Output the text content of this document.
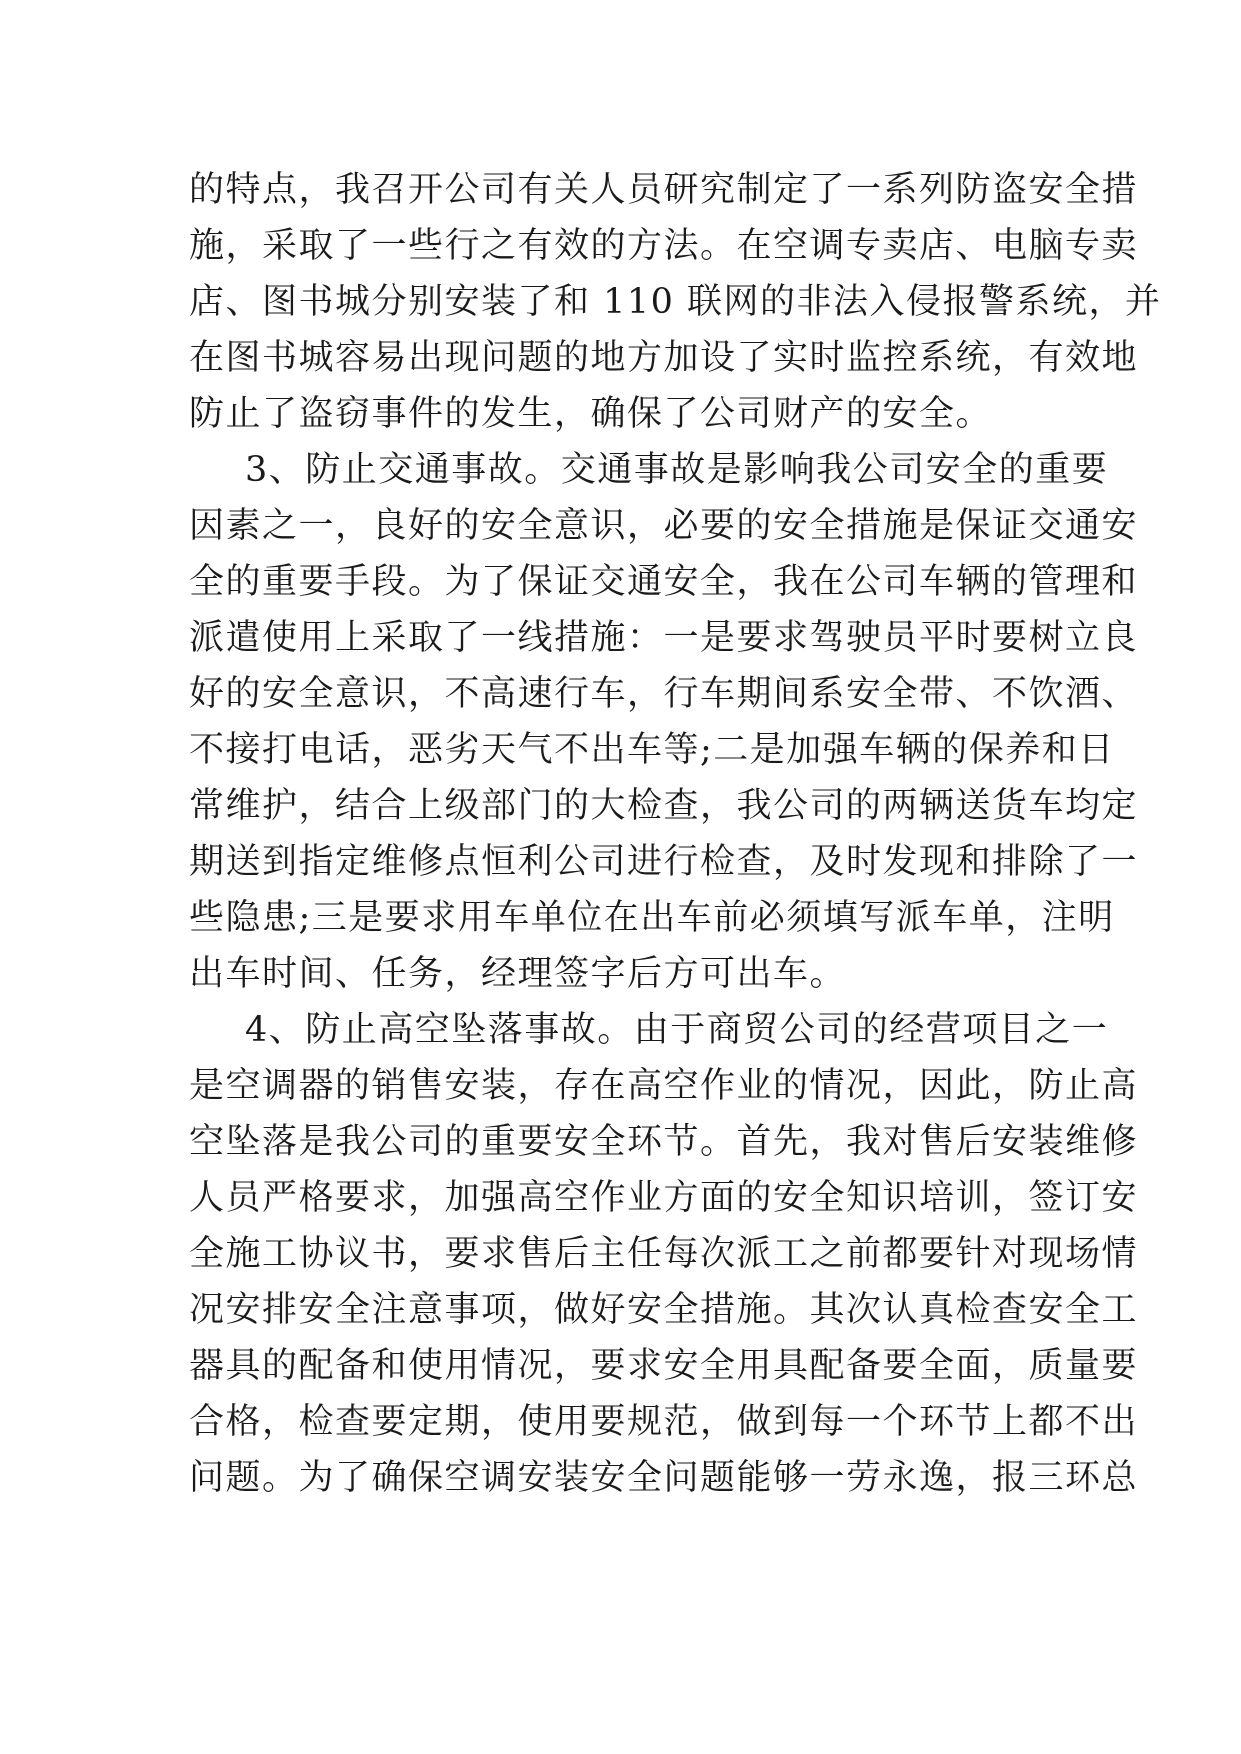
的特点，我召开公司有关人员研究制定了一系列防盗安全措
施，采取了一些行之有效的方法。在空调专卖店、电脑专卖
店、图书城分别安装了和 110 联网的非法入侵报警系统，并
在图书城容易出现问题的地方加设了实时监控系统，有效地
防止了盗窃事件的发生，确保了公司财产的安全。
3、防止交通事故。交通事故是影响我公司安全的重要
因素之一，良好的安全意识，必要的安全措施是保证交通安
全的重要手段。为了保证交通安全，我在公司车辆的管理和
派遣使用上采取了一线措施：一是要求驾驶员平时要树立良
好的安全意识，不高速行车，行车期间系安全带、不饮酒、
不接打电话，恶劣天气不出车等;二是加强车辆的保养和日
常维护，结合上级部门的大检查，我公司的两辆送货车均定
期送到指定维修点恒利公司进行检查，及时发现和排除了一
些隐患;三是要求用车单位在出车前必须填写派车单，注明
出车时间、任务，经理签字后方可出车。
4、防止高空坠落事故。由于商贸公司的经营项目之一
是空调器的销售安装，存在高空作业的情况，因此，防止高
空坠落是我公司的重要安全环节。首先，我对售后安装维修
人员严格要求，加强高空作业方面的安全知识培训，签订安
全施工协议书，要求售后主任每次派工之前都要针对现场情
况安排安全注意事项，做好安全措施。其次认真检查安全工
器具的配备和使用情况，要求安全用具配备要全面，质量要
合格，检查要定期，使用要规范，做到每一个环节上都不出
问题。为了确保空调安装安全问题能够一劳永逸，报三环总
